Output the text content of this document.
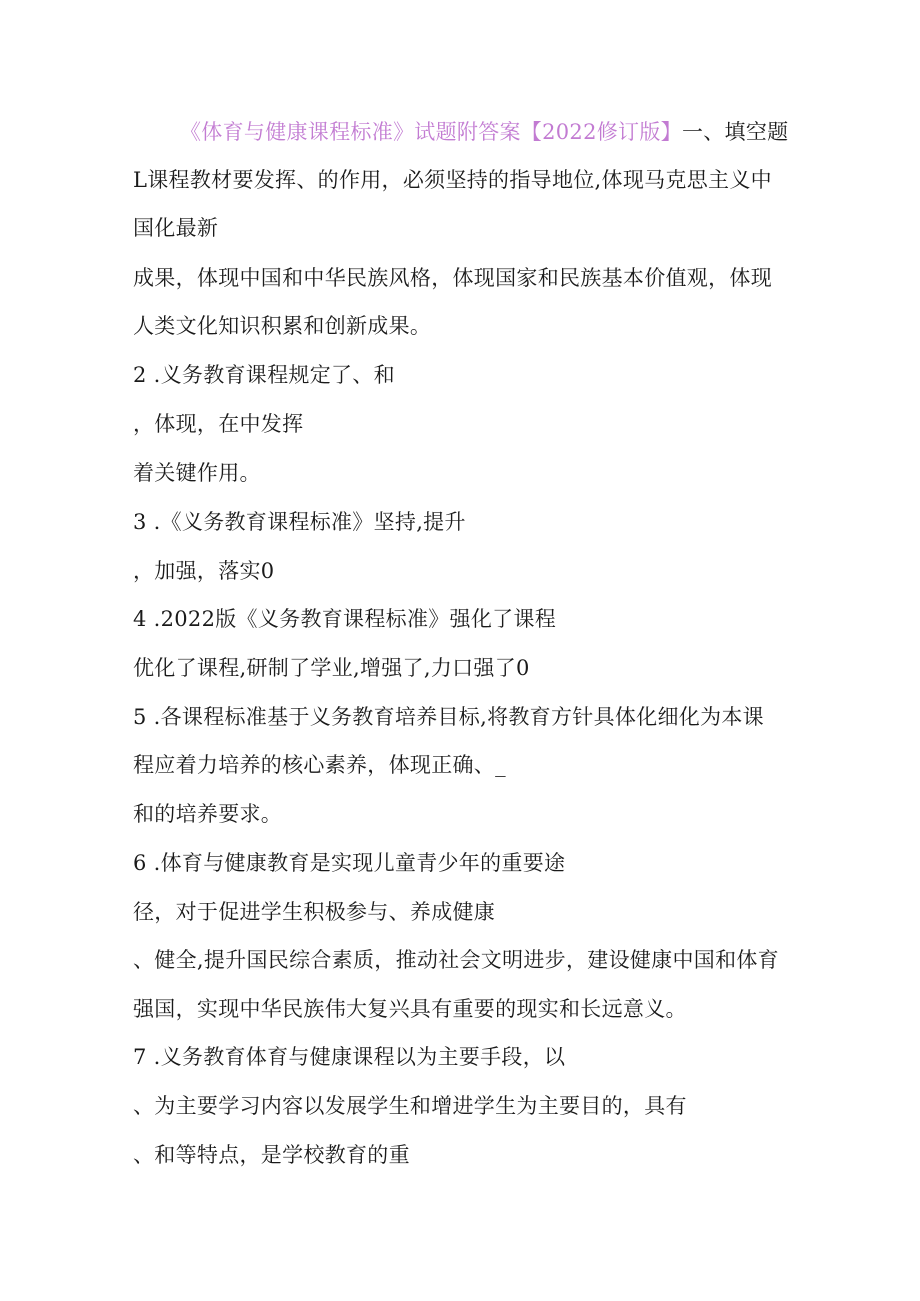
《体育与健康课程标准》试题附答案【2022修订版】一、填空题
L课程教材要发挥、的作用，必须坚持的指导地位,体现马克思主义中
国化最新
成果，体现中国和中华民族风格，体现国家和民族基本价值观，体现
人类文化知识积累和创新成果。
2 .义务教育课程规定了、和
，体现，在中发挥
着关键作用。
3 .《义务教育课程标准》坚持,提升
，加强，落实0
4 .2022版《义务教育课程标准》强化了课程
优化了课程,研制了学业,增强了,力口强了0
5 .各课程标准基于义务教育培养目标,将教育方针具体化细化为本课
程应着力培养的核心素养，体现正确、_
和的培养要求。
6 .体育与健康教育是实现儿童青少年的重要途
径，对于促进学生积极参与、养成健康
、健全,提升国民综合素质，推动社会文明进步，建设健康中国和体育
强国，实现中华民族伟大复兴具有重要的现实和长远意义。
7 .义务教育体育与健康课程以为主要手段，以
、为主要学习内容以发展学生和增进学生为主要目的，具有
、和等特点，是学校教育的重
